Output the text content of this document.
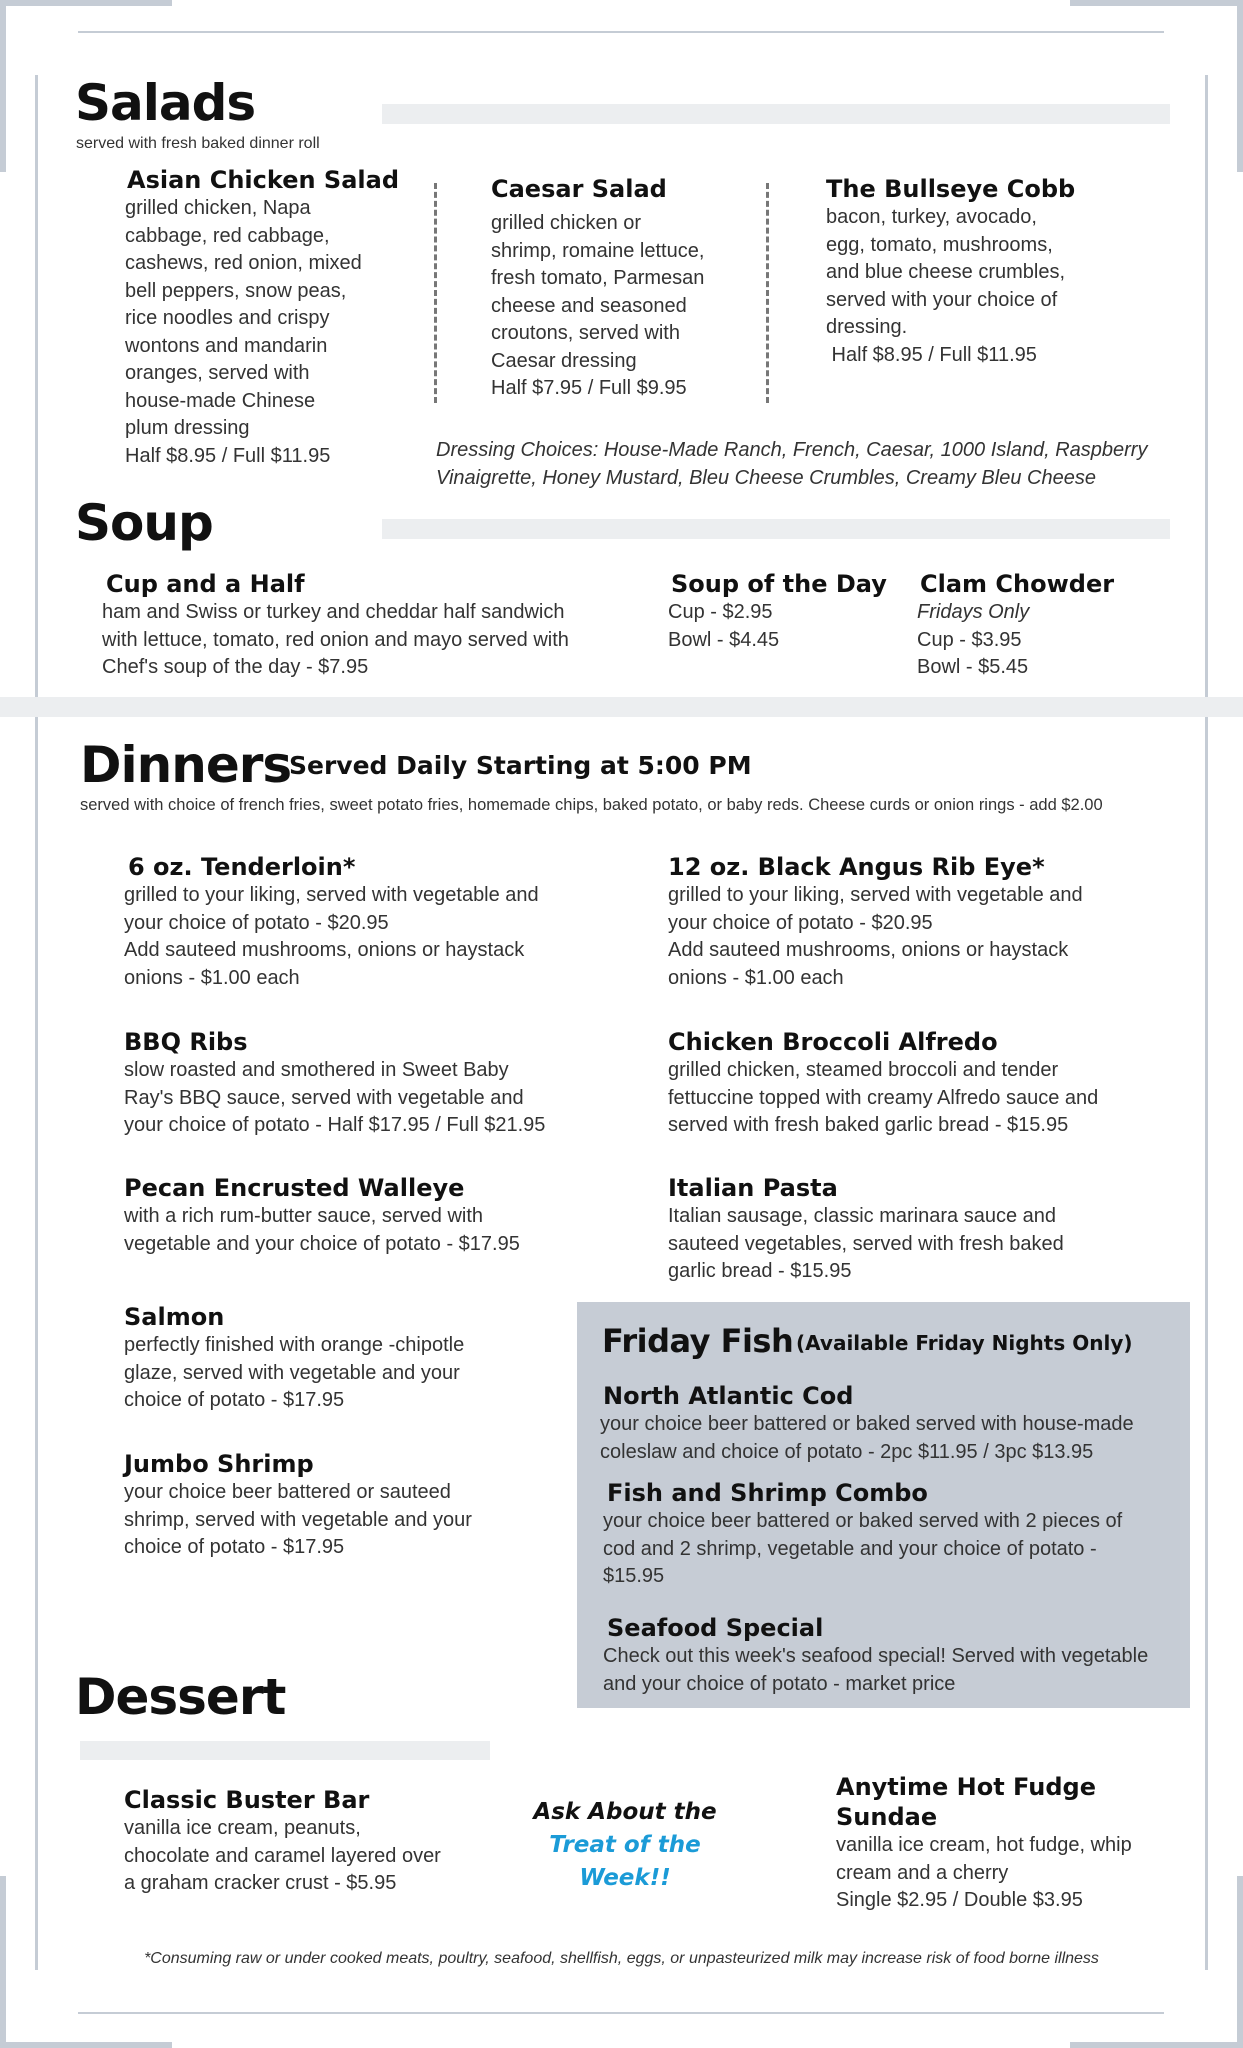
Salads
served with fresh baked dinner roll
Asian Chicken Salad
grilled chicken, Napa
cabbage, red cabbage,
cashews, red onion, mixed
bell peppers, snow peas,
rice noodles and crispy
wontons and mandarin
oranges, served with
house-made Chinese
plum dressing
Half $8.95 / Full $11.95
Caesar Salad
grilled chicken or
shrimp, romaine lettuce,
fresh tomato, Parmesan
cheese and seasoned
croutons, served with
Caesar dressing
Half $7.95 / Full $9.95
The Bullseye Cobb
bacon, turkey, avocado,
egg, tomato, mushrooms,
and blue cheese crumbles,
served with your choice of
dressing.
Half $8.95 / Full $11.95
Dressing Choices: House-Made Ranch, French, Caesar, 1000 Island, Raspberry
Vinaigrette, Honey Mustard, Bleu Cheese Crumbles, Creamy Bleu Cheese
Soup
Cup and a Half
ham and Swiss or turkey and cheddar half sandwich
with lettuce, tomato, red onion and mayo served with
Chef's soup of the day - $7.95
Soup of the Day
Cup - $2.95
Bowl - $4.45
Clam Chowder
Fridays Only
Cup - $3.95
Bowl - $5.45
Dinners
Served Daily Starting at 5:00 PM
served with choice of french fries, sweet potato fries, homemade chips, baked potato, or baby reds. Cheese curds or onion rings - add $2.00
6 oz. Tenderloin*
grilled to your liking, served with vegetable and
your choice of potato - $20.95
Add sauteed mushrooms, onions or haystack
onions - $1.00 each
12 oz. Black Angus Rib Eye*
grilled to your liking, served with vegetable and
your choice of potato - $20.95
Add sauteed mushrooms, onions or haystack
onions - $1.00 each
BBQ Ribs
slow roasted and smothered in Sweet Baby
Ray's BBQ sauce, served with vegetable and
your choice of potato - Half $17.95 / Full $21.95
Chicken Broccoli Alfredo
grilled chicken, steamed broccoli and tender
fettuccine topped with creamy Alfredo sauce and
served with fresh baked garlic bread - $15.95
Pecan Encrusted Walleye
with a rich rum-butter sauce, served with
vegetable and your choice of potato - $17.95
Italian Pasta
Italian sausage, classic marinara sauce and
sauteed vegetables, served with fresh baked
garlic bread - $15.95
Salmon
perfectly finished with orange -chipotle
glaze, served with vegetable and your
choice of potato - $17.95
Jumbo Shrimp
your choice beer battered or sauteed
shrimp, served with vegetable and your
choice of potato - $17.95
Friday Fish (Available Friday Nights Only)
North Atlantic Cod
your choice beer battered or baked served with house-made
coleslaw and choice of potato - 2pc $11.95 / 3pc $13.95
Fish and Shrimp Combo
your choice beer battered or baked served with 2 pieces of
cod and 2 shrimp, vegetable and your choice of potato -
$15.95
Seafood Special
Check out this week's seafood special! Served with vegetable
and your choice of potato - market price
Dessert
Classic Buster Bar
vanilla ice cream, peanuts,
chocolate and caramel layered over
a graham cracker crust - $5.95
Ask About the
Treat of the Week!!
Anytime Hot Fudge Sundae
vanilla ice cream, hot fudge, whip
cream and a cherry
Single $2.95 / Double $3.95
*Consuming raw or under cooked meats, poultry, seafood, shellfish, eggs, or unpasteurized milk may increase risk of food borne illness
